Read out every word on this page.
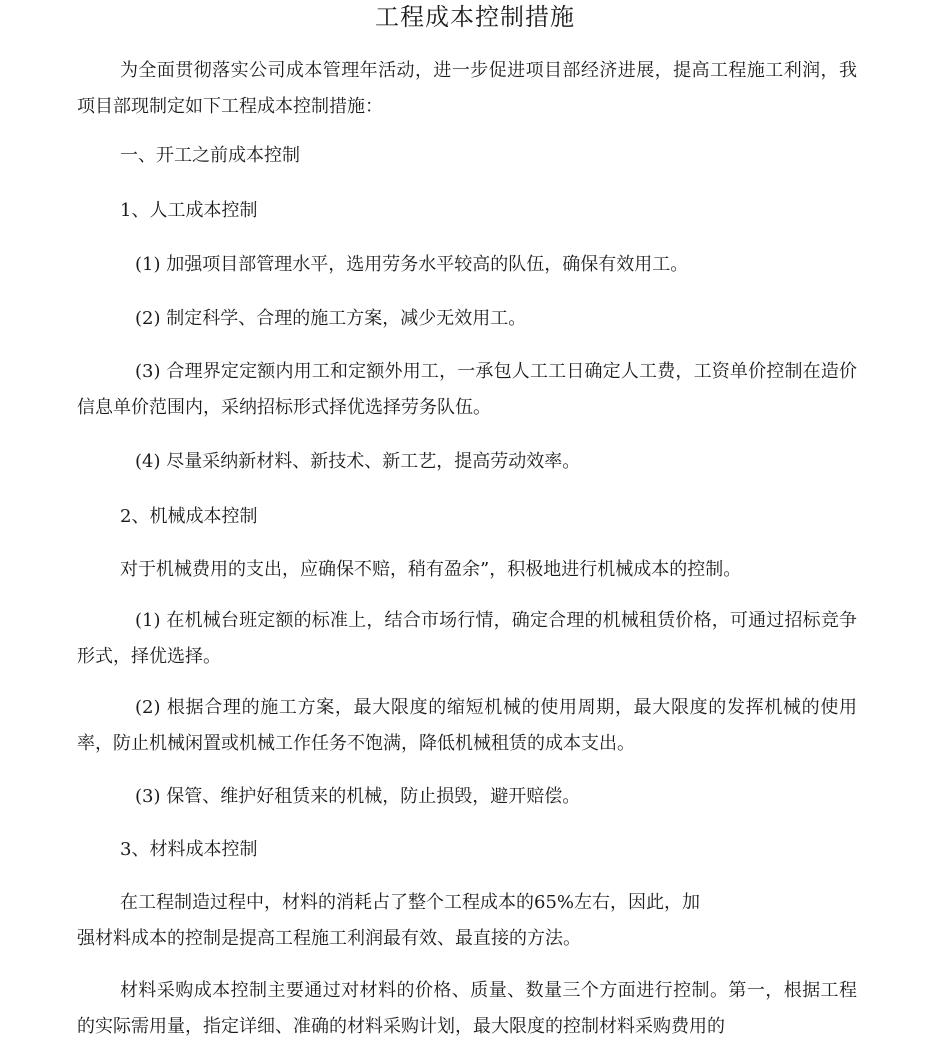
工程成本控制措施

为全面贯彻落实公司成本管理年活动，进一步促进项目部经济进展，提高工程施工利润，我项目部现制定如下工程成本控制措施：

一、开工之前成本控制

1、人工成本控制

(1) 加强项目部管理水平，选用劳务水平较高的队伍，确保有效用工。

(2) 制定科学、合理的施工方案，减少无效用工。

(3) 合理界定定额内用工和定额外用工，一承包人工工日确定人工费，工资单价控制在造价信息单价范围内，采纳招标形式择优选择劳务队伍。

(4) 尽量采纳新材料、新技术、新工艺，提高劳动效率。

2、机械成本控制

对于机械费用的支出，应确保不赔，稍有盈余”，积极地进行机械成本的控制。

(1) 在机械台班定额的标准上，结合市场行情，确定合理的机械租赁价格，可通过招标竞争形式，择优选择。

(2) 根据合理的施工方案，最大限度的缩短机械的使用周期，最大限度的发挥机械的使用率，防止机械闲置或机械工作任务不饱满，降低机械租赁的成本支出。

(3) 保管、维护好租赁来的机械，防止损毁，避开赔偿。

3、材料成本控制

在工程制造过程中，材料的消耗占了整个工程成本的65%左右，因此，加

强材料成本的控制是提高工程施工利润最有效、最直接的方法。

材料采购成本控制主要通过对材料的价格、质量、数量三个方面进行控制。第一，根据工程的实际需用量，指定详细、准确的材料采购计划，最大限度的控制材料采购费用的
